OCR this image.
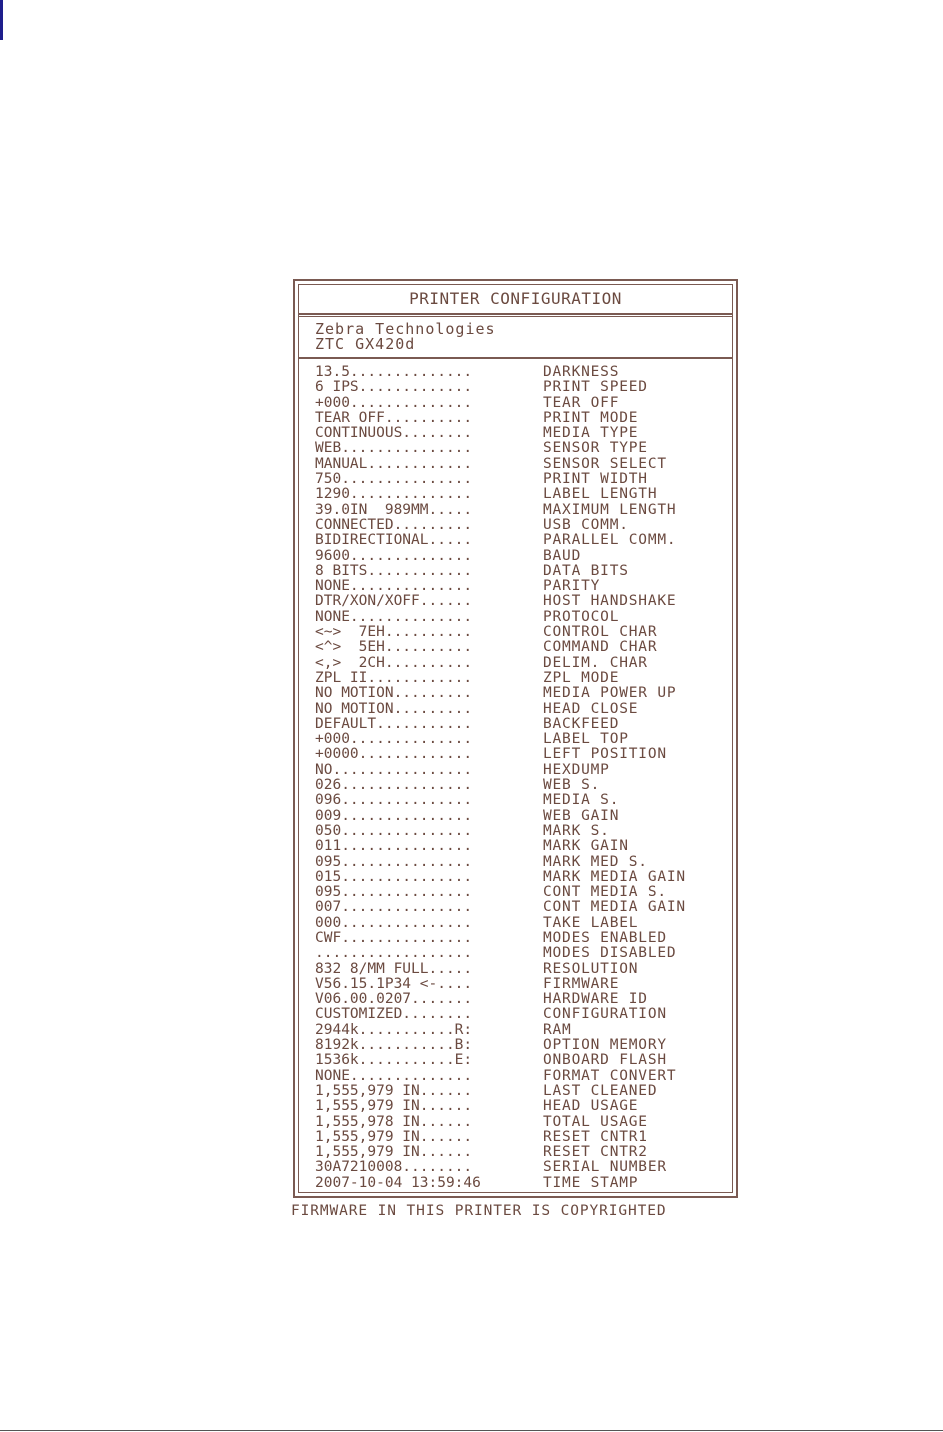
PRINTER CONFIGURATION
Zebra Technologies
ZTC GX420d
13.5..............	DARKNESS
6 IPS.............	PRINT SPEED
+000..............	TEAR OFF
TEAR OFF..........	PRINT MODE
CONTINUOUS........	MEDIA TYPE
WEB...............	SENSOR TYPE
MANUAL............	SENSOR SELECT
750...............	PRINT WIDTH
1290..............	LABEL LENGTH
39.0IN  989MM.....	MAXIMUM LENGTH
CONNECTED.........	USB COMM.
BIDIRECTIONAL.....	PARALLEL COMM.
9600..............	BAUD
8 BITS............	DATA BITS
NONE..............	PARITY
DTR/XON/XOFF......	HOST HANDSHAKE
NONE..............	PROTOCOL
<~>  7EH..........	CONTROL CHAR
<^>  5EH..........	COMMAND CHAR
<,>  2CH..........	DELIM. CHAR
ZPL II............	ZPL MODE
NO MOTION.........	MEDIA POWER UP
NO MOTION.........	HEAD CLOSE
DEFAULT...........	BACKFEED
+000..............	LABEL TOP
+0000.............	LEFT POSITION
NO................	HEXDUMP
026...............	WEB S.
096...............	MEDIA S.
009...............	WEB GAIN
050...............	MARK S.
011...............	MARK GAIN
095...............	MARK MED S.
015...............	MARK MEDIA GAIN
095...............	CONT MEDIA S.
007...............	CONT MEDIA GAIN
000...............	TAKE LABEL
CWF...............	MODES ENABLED
..................	MODES DISABLED
832 8/MM FULL.....	RESOLUTION
V56.15.1P34 <-....	FIRMWARE
V06.00.0207.......	HARDWARE ID
CUSTOMIZED........	CONFIGURATION
2944k...........R:	RAM
8192k...........B:	OPTION MEMORY
1536k...........E:	ONBOARD FLASH
NONE..............	FORMAT CONVERT
1,555,979 IN......	LAST CLEANED
1,555,979 IN......	HEAD USAGE
1,555,978 IN......	TOTAL USAGE
1,555,979 IN......	RESET CNTR1
1,555,979 IN......	RESET CNTR2
30A7210008........	SERIAL NUMBER
2007-10-04 13:59:46	TIME STAMP
FIRMWARE IN THIS PRINTER IS COPYRIGHTED
